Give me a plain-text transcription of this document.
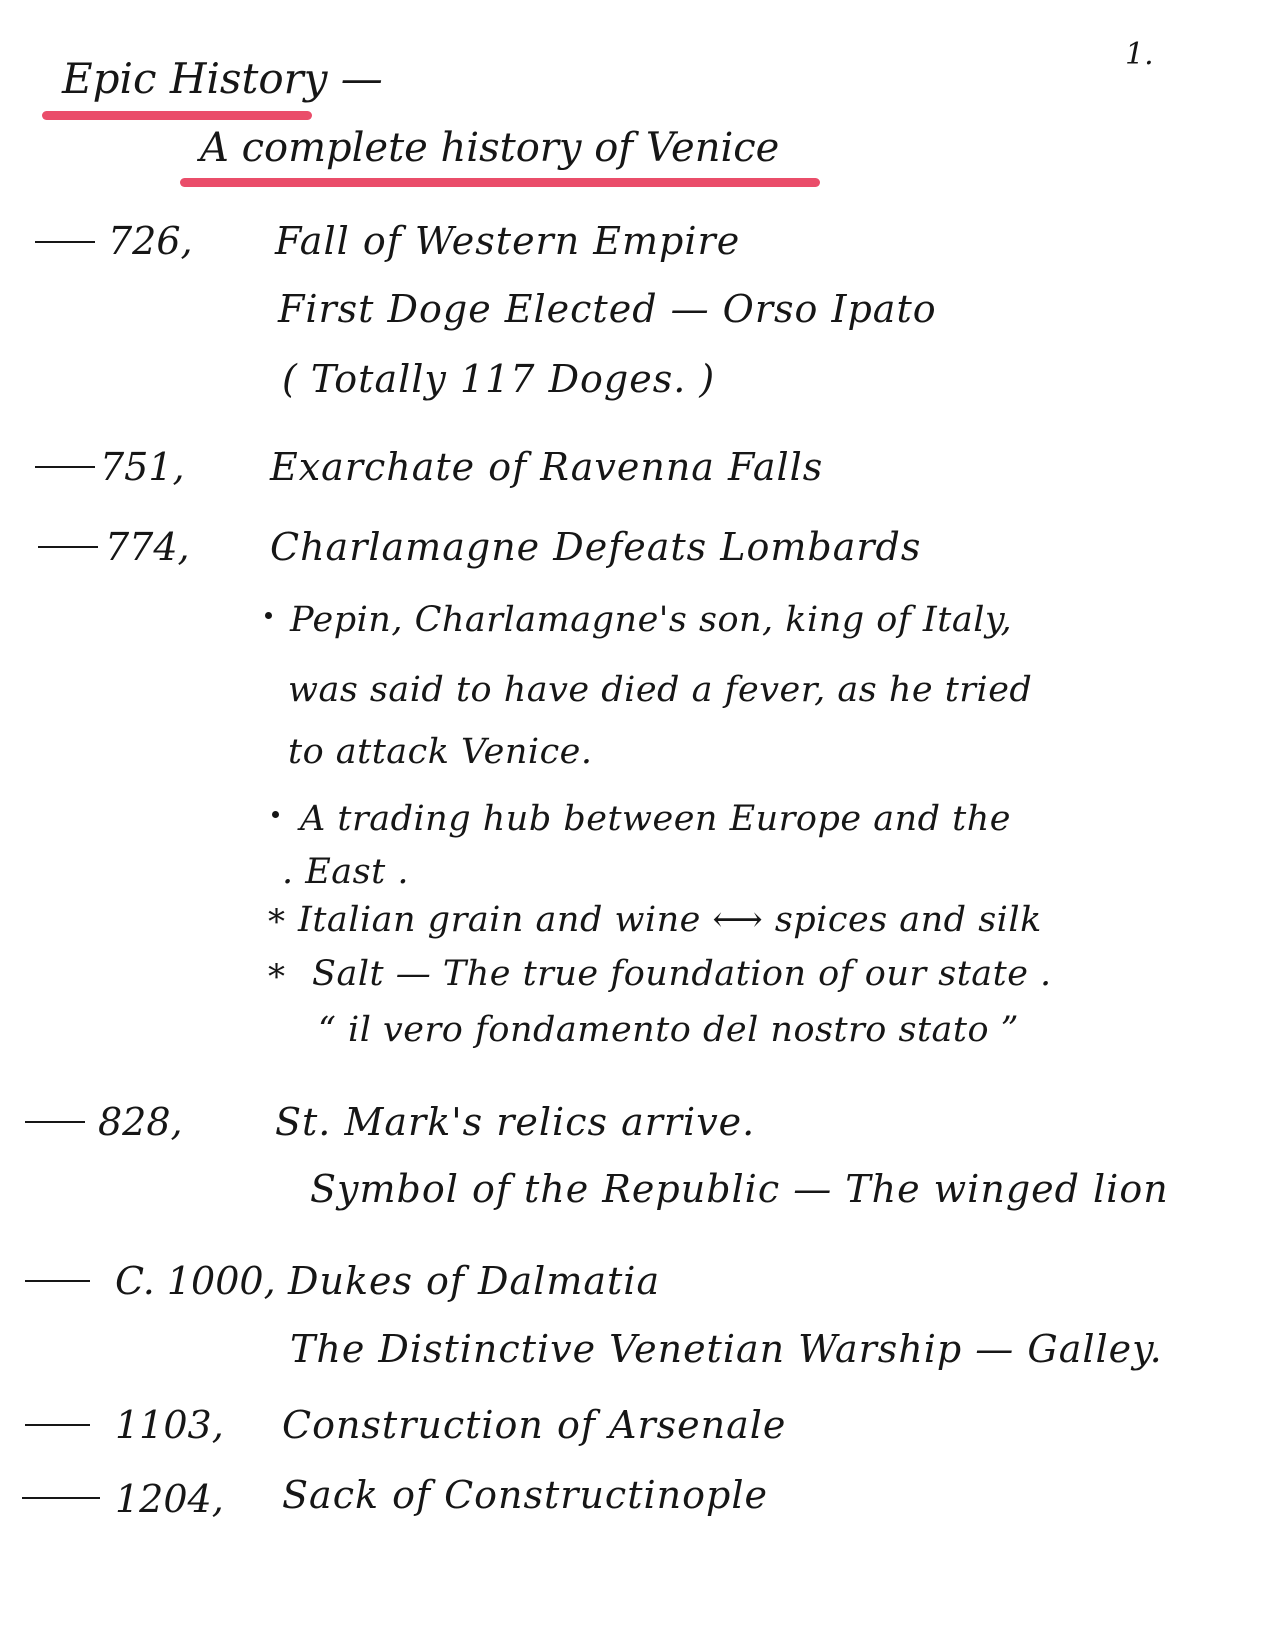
1.
Epic History —
A complete history of Venice
726, Fall of Western Empire
First Doge Elected — Orso Ipato
( Totally 117 Doges. )
751, Exarchate of Ravenna Falls
774, Charlamagne Defeats Lombards
Pepin, Charlamagne's son, king of Italy,
was said to have died a fever, as he tried
to attack Venice.
A trading hub between Europe and the
. East .
* Italian grain and wine ⟷ spices and silk
* Salt — The true foundation of our state .
“ il vero fondamento del nostro stato ”
828, St. Mark's relics arrive.
Symbol of the Republic — The winged lion
C. 1000, Dukes of Dalmatia
The Distinctive Venetian Warship — Galley.
1103, Construction of Arsenale
1204, Sack of Constructinople
